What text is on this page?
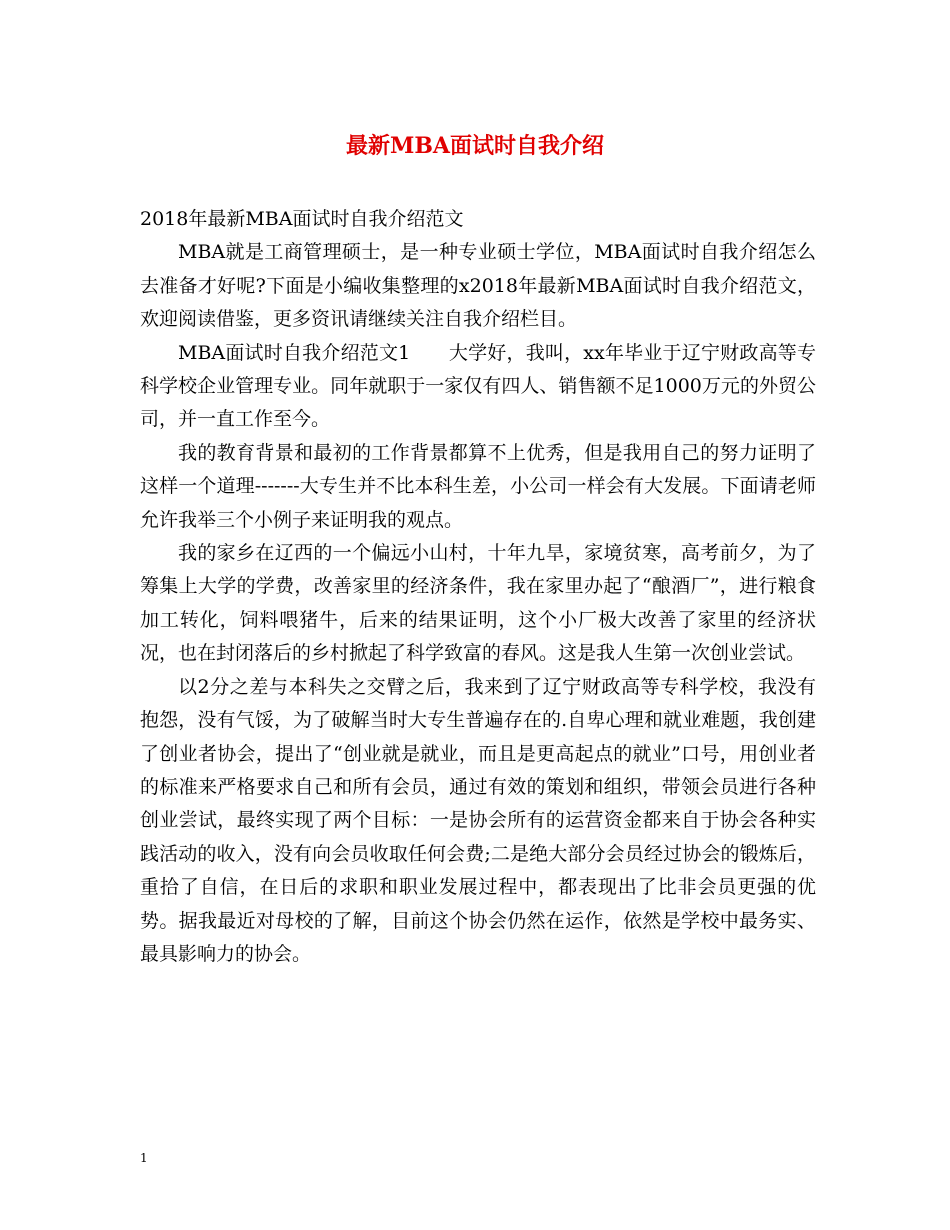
最新MBA面试时自我介绍

2018年最新MBA面试时自我介绍范文

MBA就是工商管理硕士，是一种专业硕士学位，MBA面试时自我介绍怎么去准备才好呢?下面是小编收集整理的x2018年最新MBA面试时自我介绍范文，欢迎阅读借鉴，更多资讯请继续关注自我介绍栏目。

MBA面试时自我介绍范文1　　大学好，我叫，xx年毕业于辽宁财政高等专科学校企业管理专业。同年就职于一家仅有四人、销售额不足1000万元的外贸公司，并一直工作至今。

我的教育背景和最初的工作背景都算不上优秀，但是我用自己的努力证明了这样一个道理-------大专生并不比本科生差，小公司一样会有大发展。下面请老师允许我举三个小例子来证明我的观点。

我的家乡在辽西的一个偏远小山村，十年九旱，家境贫寒，高考前夕，为了筹集上大学的学费，改善家里的经济条件，我在家里办起了“酿酒厂”，进行粮食加工转化，饲料喂猪牛，后来的结果证明，这个小厂极大改善了家里的经济状况，也在封闭落后的乡村掀起了科学致富的春风。这是我人生第一次创业尝试。

以2分之差与本科失之交臂之后，我来到了辽宁财政高等专科学校，我没有抱怨，没有气馁，为了破解当时大专生普遍存在的.自卑心理和就业难题，我创建了创业者协会，提出了“创业就是就业，而且是更高起点的就业”口号，用创业者的标准来严格要求自己和所有会员，通过有效的策划和组织，带领会员进行各种创业尝试，最终实现了两个目标：一是协会所有的运营资金都来自于协会各种实践活动的收入，没有向会员收取任何会费;二是绝大部分会员经过协会的锻炼后，重拾了自信，在日后的求职和职业发展过程中，都表现出了比非会员更强的优势。据我最近对母校的了解，目前这个协会仍然在运作，依然是学校中最务实、最具影响力的协会。

1
